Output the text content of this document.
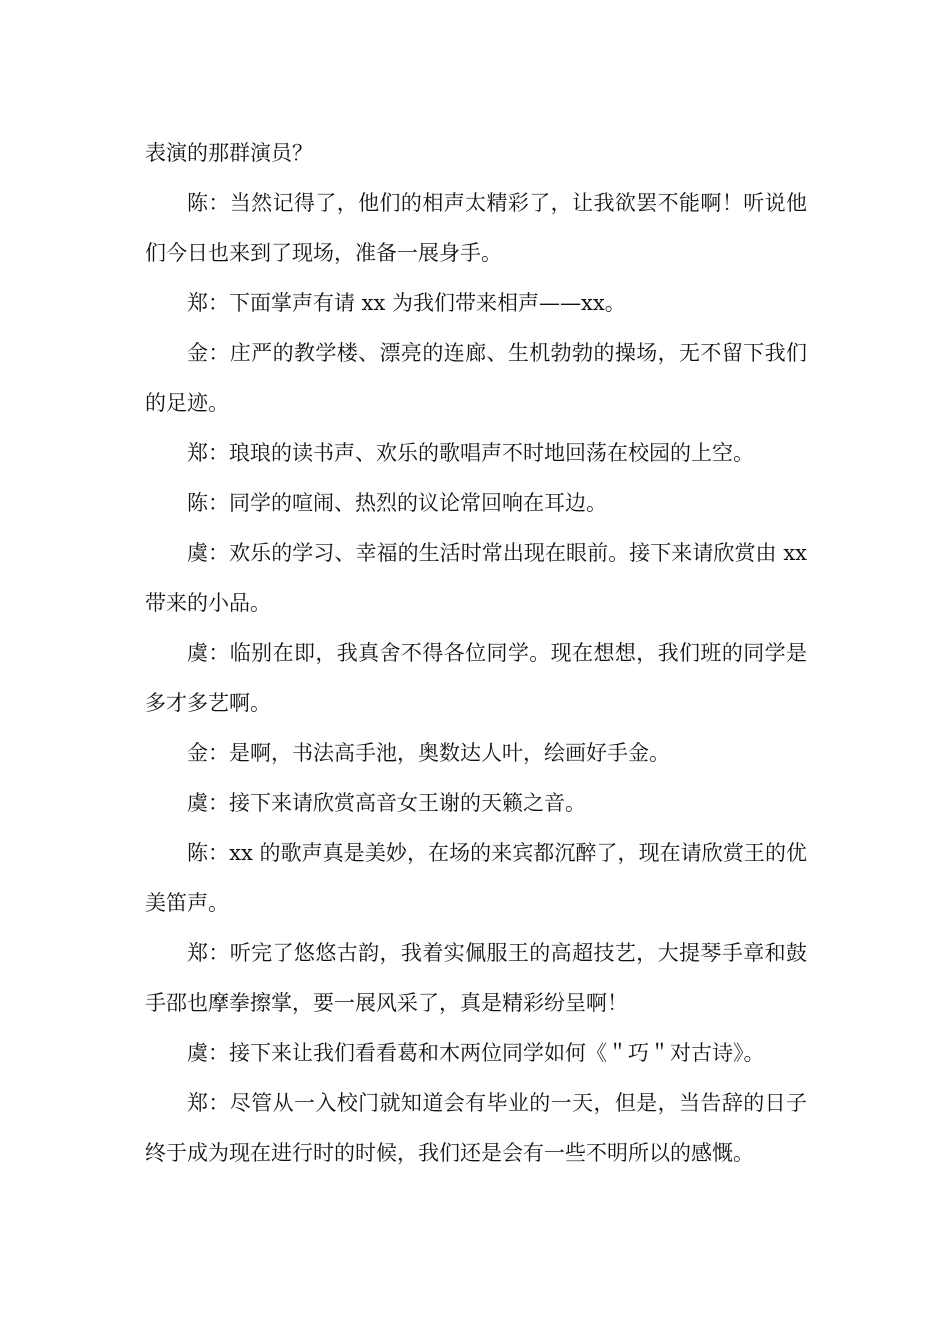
表演的那群演员？

陈：当然记得了，他们的相声太精彩了，让我欲罢不能啊！听说他们今日也来到了现场，准备一展身手。

郑：下面掌声有请 xx 为我们带来相声——xx。

金：庄严的教学楼、漂亮的连廊、生机勃勃的操场，无不留下我们的足迹。

郑：琅琅的读书声、欢乐的歌唱声不时地回荡在校园的上空。

陈：同学的喧闹、热烈的议论常回响在耳边。

虞：欢乐的学习、幸福的生活时常出现在眼前。接下来请欣赏由 xx 带来的小品。

虞：临别在即，我真舍不得各位同学。现在想想，我们班的同学是多才多艺啊。

金：是啊，书法高手池，奥数达人叶，绘画好手金。

虞：接下来请欣赏高音女王谢的天籁之音。

陈：xx 的歌声真是美妙，在场的来宾都沉醉了，现在请欣赏王的优美笛声。

郑：听完了悠悠古韵，我着实佩服王的高超技艺，大提琴手章和鼓手邵也摩拳擦掌，要一展风采了，真是精彩纷呈啊！

虞：接下来让我们看看葛和木两位同学如何《＂巧＂对古诗》。

郑：尽管从一入校门就知道会有毕业的一天，但是，当告辞的日子终于成为现在进行时的时候，我们还是会有一些不明所以的感慨。
